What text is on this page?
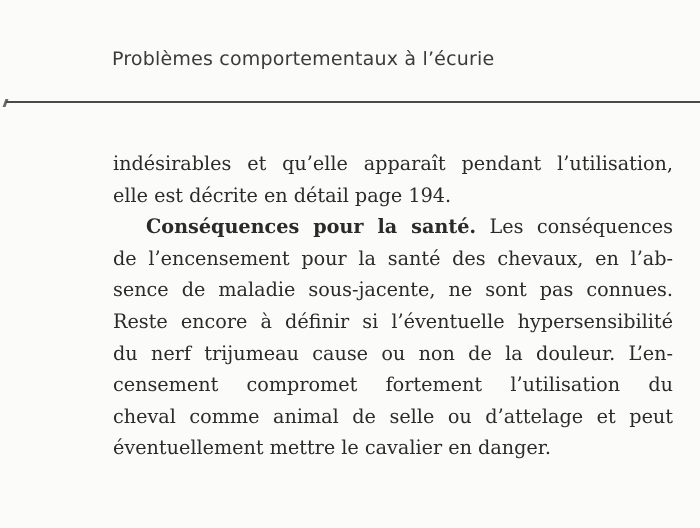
Problèmes comportementaux à l’écurie
indésirables et qu’elle apparaît pendant l’utilisation,
elle est décrite en détail page 194.
Conséquences pour la santé. Les conséquences
de l’encensement pour la santé des chevaux, en l’ab-
sence de maladie sous-jacente, ne sont pas connues.
Reste encore à définir si l’éventuelle hypersensibilité
du nerf trijumeau cause ou non de la douleur. L’en-
censement compromet fortement l’utilisation du
cheval comme animal de selle ou d’attelage et peut
éventuellement mettre le cavalier en danger.
